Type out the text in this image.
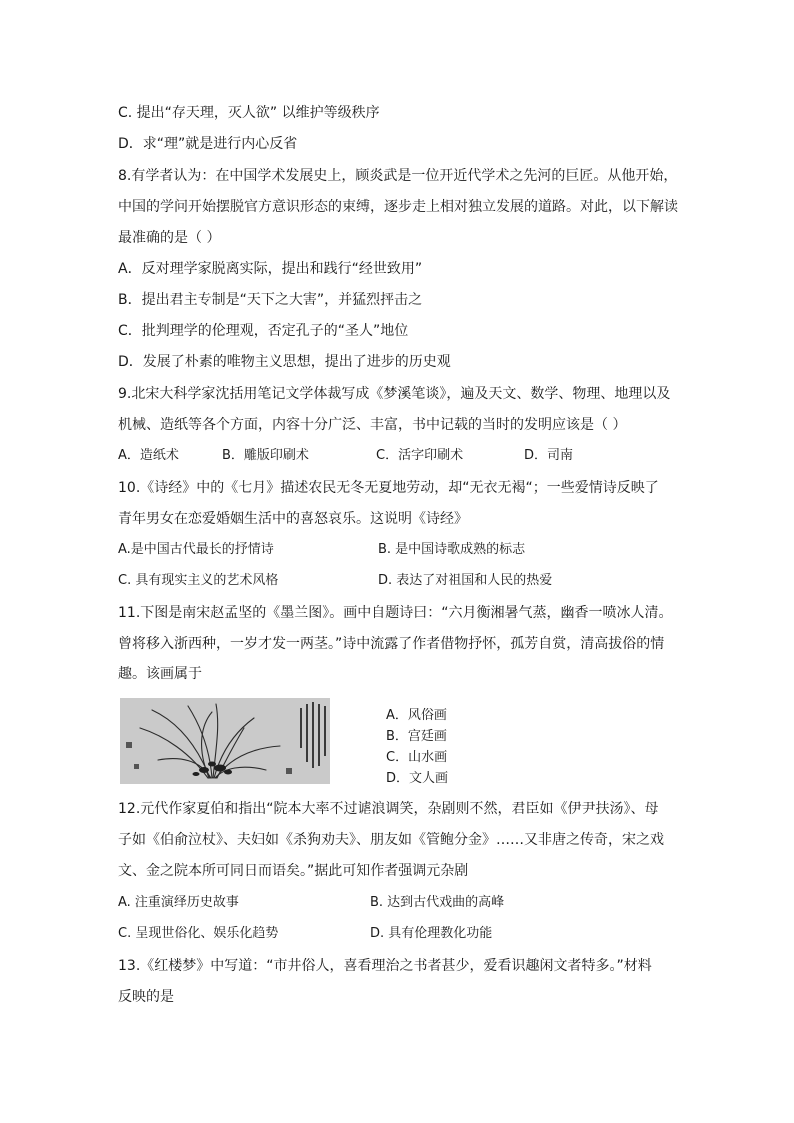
C. 提出“存天理，灭人欲” 以维护等级秩序
D．求“理”就是进行内心反省
8.有学者认为：在中国学术发展史上，顾炎武是一位开近代学术之先河的巨匠。从他开始，
中国的学问开始摆脱官方意识形态的束缚，逐步走上相对独立发展的道路。对此，以下解读
最准确的是（ ）
A．反对理学家脱离实际，提出和践行“经世致用”
B．提出君主专制是“天下之大害”，并猛烈抨击之
C．批判理学的伦理观，否定孔子的“圣人”地位
D．发展了朴素的唯物主义思想，提出了进步的历史观
9.北宋大科学家沈括用笔记文学体裁写成《梦溪笔谈》，遍及天文、数学、物理、地理以及
机械、造纸等各个方面，内容十分广泛、丰富，书中记载的当时的发明应该是（ ）
A．造纸术	B．雕版印刷术	C．活字印刷术	D．司南
10.《诗经》中的《七月》描述农民无冬无夏地劳动，却“无衣无褐“；一些爱情诗反映了
青年男女在恋爱婚姻生活中的喜怒哀乐。这说明《诗经》
A.是中国古代最长的抒情诗	B. 是中国诗歌成熟的标志
C. 具有现实主义的艺术风格	D. 表达了对祖国和人民的热爱
11.下图是南宋赵孟坚的《墨兰图》。画中自题诗曰：“六月衡湘暑气蒸，幽香一喷冰人清。
曾将移入浙西种，一岁才发一两茎。”诗中流露了作者借物抒怀，孤芳自赏，清高拔俗的情
趣。该画属于
A．风俗画
B．宫廷画
C．山水画
D．文人画
12.元代作家夏伯和指出“院本大率不过谑浪调笑，杂剧则不然，君臣如《伊尹扶汤》、母
子如《伯俞泣杖》、夫妇如《杀狗劝夫》、朋友如《管鲍分金》……又非唐之传奇，宋之戏
文、金之院本所可同日而语矣。”据此可知作者强调元杂剧
A. 注重演绎历史故事	B. 达到古代戏曲的高峰
C. 呈现世俗化、娱乐化趋势	D. 具有伦理教化功能
13.《红楼梦》中写道：“市井俗人，喜看理治之书者甚少，爱看识趣闲文者特多。”材料
反映的是
